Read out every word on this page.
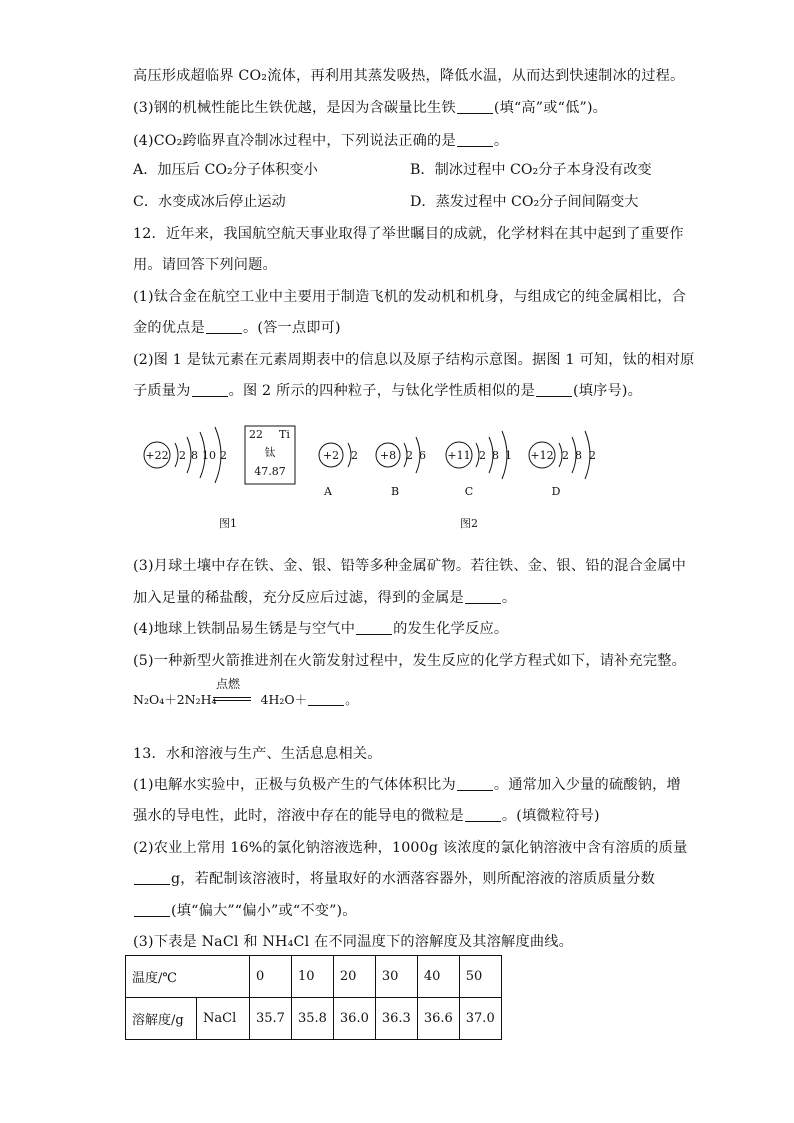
高压形成超临界 CO₂流体，再利用其蒸发吸热，降低水温，从而达到快速制冰的过程。
(3)钢的机械性能比生铁优越，是因为含碳量比生铁	(填“高”或“低”)。
(4)CO₂跨临界直冷制冰过程中，下列说法正确的是	。
A．加压后 CO₂分子体积变小	B．制冰过程中 CO₂分子本身没有改变
C．水变成冰后停止运动	D．蒸发过程中 CO₂分子间间隔变大
12．近年来，我国航空航天事业取得了举世瞩目的成就，化学材料在其中起到了重要作
用。请回答下列问题。
(1)钛合金在航空工业中主要用于制造飞机的发动机和机身，与组成它的纯金属相比，合
金的优点是	。(答一点即可)
(2)图 1 是钛元素在元素周期表中的信息以及原子结构示意图。据图 1 可知，钛的相对原
子质量为	。图 2 所示的四种粒子，与钛化学性质相似的是	(填序号)。
+22 2 8 10 2
22 Ti
钛
47.87
+2 2
A
+8 2 6
B
+11 2 8 1
C
+12 2 8 2
D
图1	图2
(3)月球土壤中存在铁、金、银、铅等多种金属矿物。若往铁、金、银、铅的混合金属中
加入足量的稀盐酸，充分反应后过滤，得到的金属是	。
(4)地球上铁制品易生锈是与空气中	的发生化学反应。
(5)一种新型火箭推进剂在火箭发射过程中，发生反应的化学方程式如下，请补充完整。
N₂O₄＋2N₂H₄
点燃
4H₂O＋	。
13．水和溶液与生产、生活息息相关。
(1)电解水实验中，正极与负极产生的气体体积比为	。通常加入少量的硫酸钠，增
强水的导电性，此时，溶液中存在的能导电的微粒是	。(填微粒符号)
(2)农业上常用 16%的氯化钠溶液选种，1000g 该浓度的氯化钠溶液中含有溶质的质量
g，若配制该溶液时，将量取好的水洒落容器外，则所配溶液的溶质质量分数
(填“偏大”“偏小”或“不变”)。
(3)下表是 NaCl 和 NH₄Cl 在不同温度下的溶解度及其溶解度曲线。
温度/℃		0	10	20	30	40	50
溶解度/g	NaCl	35.7	35.8	36.0	36.3	36.6	37.0
